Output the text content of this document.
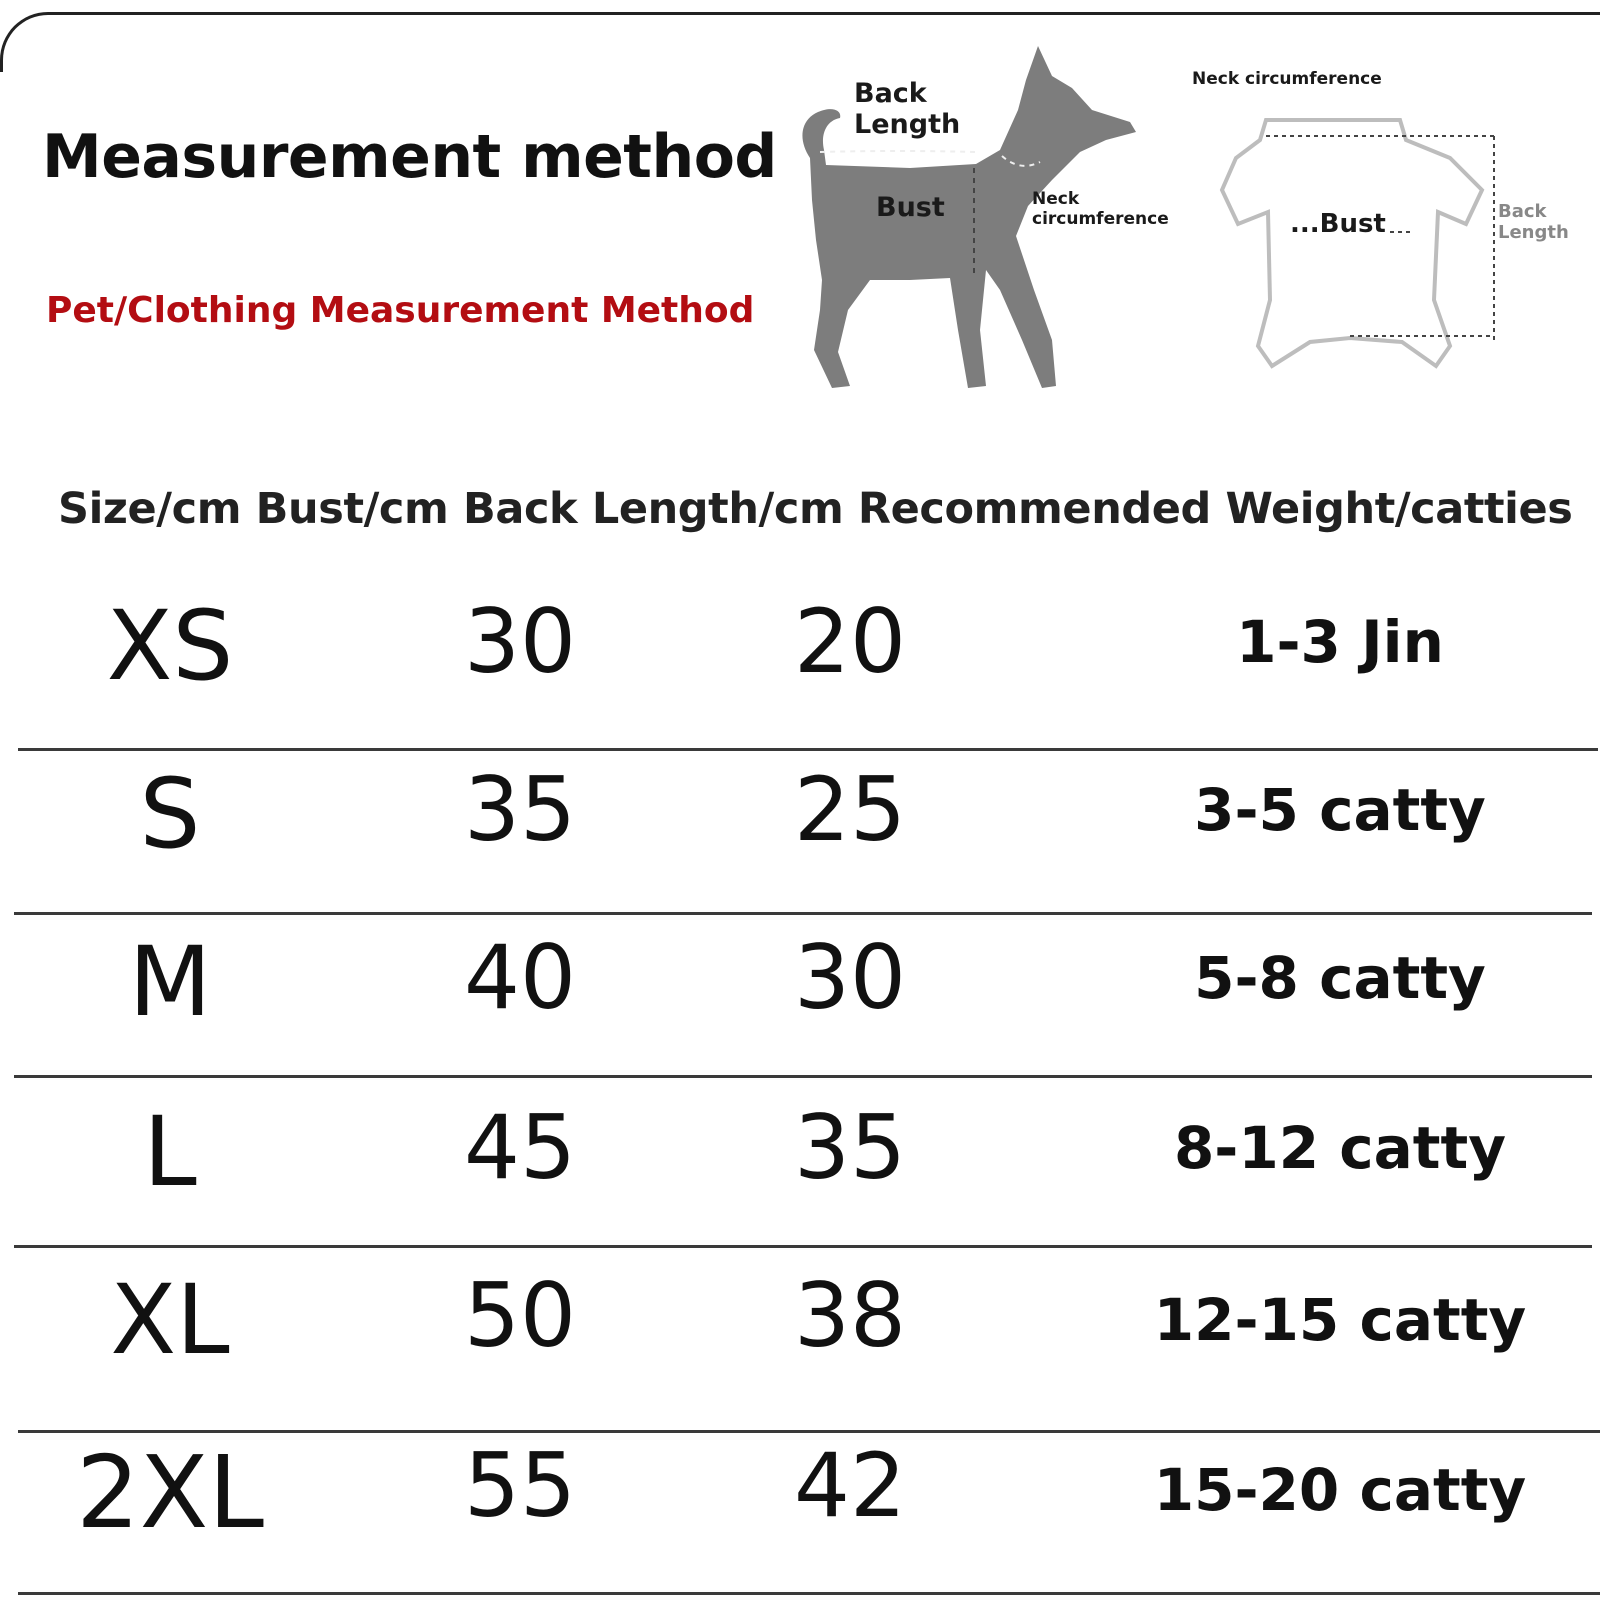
Measurement method
Pet/Clothing Measurement Method
Back
Length
Bust	Neck
circumference
Neck circumference
...Bust	Back
Length
Size/cm Bust/cm Back Length/cm Recommended Weight/catties
XS	30	20	1-3 Jin
S	35	25	3-5 catty
M	40	30	5-8 catty
L	45	35	8-12 catty
XL	50	38	12-15 catty
2XL	55	42	15-20 catty
